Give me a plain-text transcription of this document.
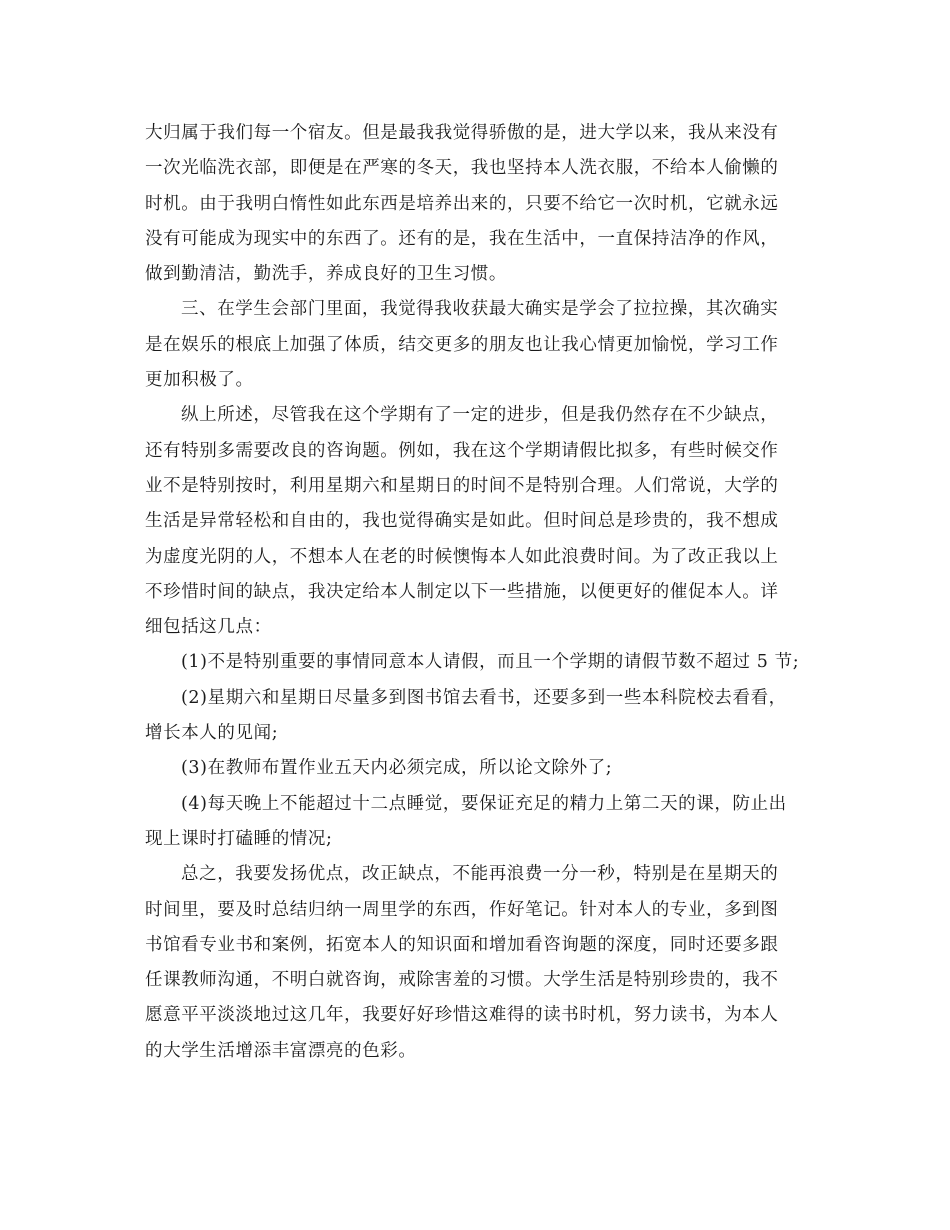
大归属于我们每一个宿友。但是最我我觉得骄傲的是，进大学以来，我从来没有
一次光临洗衣部，即便是在严寒的冬天，我也坚持本人洗衣服，不给本人偷懒的
时机。由于我明白惰性如此东西是培养出来的，只要不给它一次时机，它就永远
没有可能成为现实中的东西了。还有的是，我在生活中，一直保持洁净的作风，
做到勤清洁，勤洗手，养成良好的卫生习惯。
三、在学生会部门里面，我觉得我收获最大确实是学会了拉拉操，其次确实
是在娱乐的根底上加强了体质，结交更多的朋友也让我心情更加愉悦，学习工作
更加积极了。
纵上所述，尽管我在这个学期有了一定的进步，但是我仍然存在不少缺点，
还有特别多需要改良的咨询题。例如，我在这个学期请假比拟多，有些时候交作
业不是特别按时，利用星期六和星期日的时间不是特别合理。人们常说，大学的
生活是异常轻松和自由的，我也觉得确实是如此。但时间总是珍贵的，我不想成
为虚度光阴的人，不想本人在老的时候懊悔本人如此浪费时间。为了改正我以上
不珍惜时间的缺点，我决定给本人制定以下一些措施，以便更好的催促本人。详
细包括这几点：
(1)不是特别重要的事情同意本人请假，而且一个学期的请假节数不超过 5 节;
(2)星期六和星期日尽量多到图书馆去看书，还要多到一些本科院校去看看，
增长本人的见闻;
(3)在教师布置作业五天内必须完成，所以论文除外了;
(4)每天晚上不能超过十二点睡觉，要保证充足的精力上第二天的课，防止出
现上课时打磕睡的情况;
总之，我要发扬优点，改正缺点，不能再浪费一分一秒，特别是在星期天的
时间里，要及时总结归纳一周里学的东西，作好笔记。针对本人的专业，多到图
书馆看专业书和案例，拓宽本人的知识面和增加看咨询题的深度，同时还要多跟
任课教师沟通，不明白就咨询，戒除害羞的习惯。大学生活是特别珍贵的，我不
愿意平平淡淡地过这几年，我要好好珍惜这难得的读书时机，努力读书，为本人
的大学生活增添丰富漂亮的色彩。
